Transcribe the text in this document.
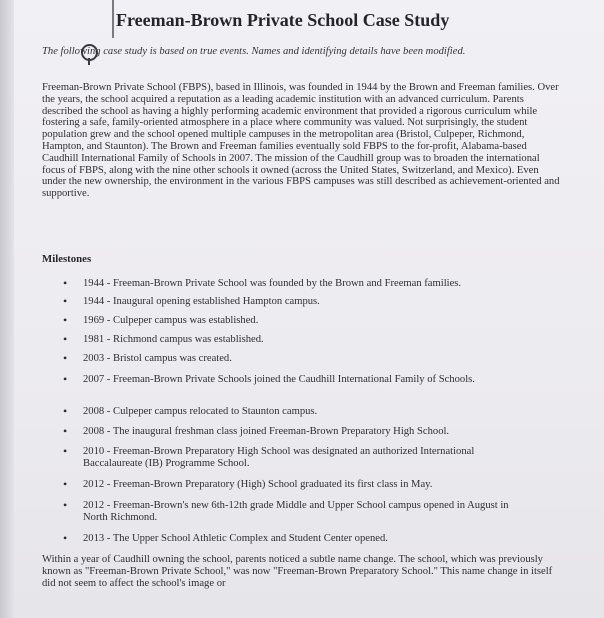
Freeman-Brown Private School Case Study

The following case study is based on true events. Names and identifying details have been modified.

Freeman-Brown Private School (FBPS), based in Illinois, was founded in 1944 by the Brown and Freeman families. Over the years, the school acquired a reputation as a leading academic institution with an advanced curriculum. Parents described the school as having a highly performing academic environment that provided a rigorous curriculum while fostering a safe, family-oriented atmosphere in a place where community was valued. Not surprisingly, the student population grew and the school opened multiple campuses in the metropolitan area (Bristol, Culpeper, Richmond, Hampton, and Staunton). The Brown and Freeman families eventually sold FBPS to the for-profit, Alabama-based Caudhill International Family of Schools in 2007. The mission of the Caudhill group was to broaden the international focus of FBPS, along with the nine other schools it owned (across the United States, Switzerland, and Mexico). Even under the new ownership, the environment in the various FBPS campuses was still described as achievement-oriented and supportive.

Milestones

• 1944 - Freeman-Brown Private School was founded by the Brown and Freeman families.
• 1944 - Inaugural opening established Hampton campus.
• 1969 - Culpeper campus was established.
• 1981 - Richmond campus was established.
• 2003 - Bristol campus was created.
• 2007 - Freeman-Brown Private Schools joined the Caudhill International Family of Schools.
• 2008 - Culpeper campus relocated to Staunton campus.
• 2008 - The inaugural freshman class joined Freeman-Brown Preparatory High School.
• 2010 - Freeman-Brown Preparatory High School was designated an authorized International Baccalaureate (IB) Programme School.
• 2012 - Freeman-Brown Preparatory (High) School graduated its first class in May.
• 2012 - Freeman-Brown's new 6th-12th grade Middle and Upper School campus opened in August in North Richmond.
• 2013 - The Upper School Athletic Complex and Student Center opened.

Within a year of Caudhill owning the school, parents noticed a subtle name change. The school, which was previously known as "Freeman-Brown Private School," was now "Freeman-Brown Preparatory School." This name change in itself did not seem to affect the school's image or
